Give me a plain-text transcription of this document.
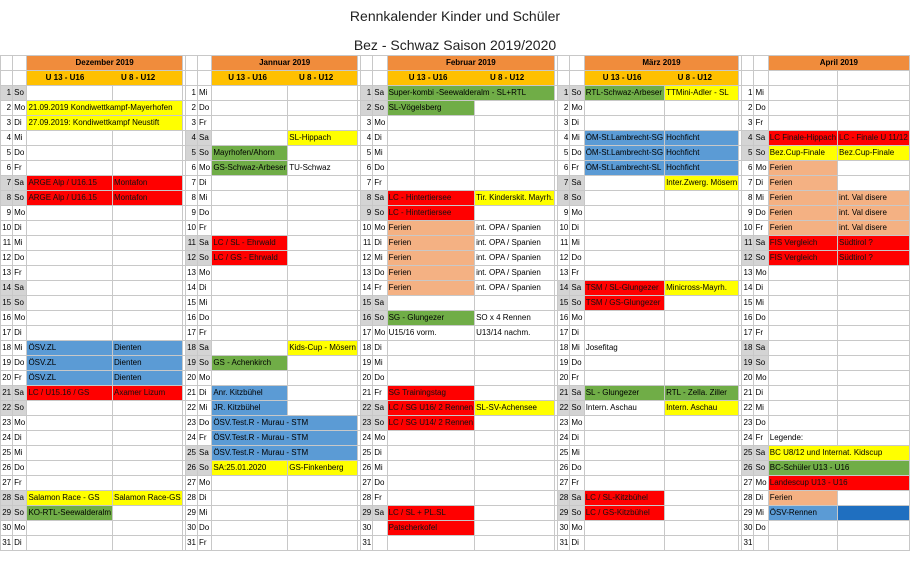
Rennkalender Kinder und Schüler
Bez - Schwaz Saison 2019/2020
		Dezember 2019					Jannuar 2019					Februar 2019					März 2019					April 2019	
		U 13 - U16 U 8 - U12					U 13 - U16 U 8 - U12					U 13 - U16 U 8 - U12					U 13 - U16 U 8 - U12						
1	So				1	Mi				1	Sa	Super-kombi -Seewalderalm - SL+RTL			1	So	RTL-Schwaz-Arbeser	TTMini-Adler - SL		1	Mi		
2	Mo	21.09.2019 Kondiwettkampf-Mayerhofen			2	Do				2	So	SL-Vögelsberg			2	Mo				2	Do		
3	Di	27.09.2019: Kondiwettkampf Neustift			3	Fr				3	Mo				3	Di				3	Fr		
4	Mi				4	Sa		SL-Hippach		4	Di				4	Mi	ÖM-St.Lambrecht-SG	Hochficht		4	Sa	LC Finale-Hippach	LC - Finale U 11/12
5	Do				5	So	Mayrhofen/Ahorn			5	Mi				5	Do	ÖM-St.Lambrecht-SG	Hochficht		5	So	Bez.Cup-Finale	Bez.Cup-Finale
6	Fr				6	Mo	GS-Schwaz-Arbeser	TU-Schwaz		6	Do				6	Fr	ÖM-St.Lambrecht-SL	Hochficht		6	Mo	Ferien	
7	Sa	ARGE Alp / U16.15	Montafon		7	Di				7	Fr				7	Sa		Inter.Zwerg. Mösern		7	Di	Ferien	
8	So	ARGE Alp / U16.15	Montafon		8	Mi				8	Sa	LC - Hintertiersee	Tir. Kinderskit. Mayrh.		8	So				8	Mi	Ferien	int. Val disere
9	Mo				9	Do				9	So	LC - Hintertiersee			9	Mo				9	Do	Ferien	int. Val disere
10	Di				10	Fr				10	Mo	Ferien	int. OPA / Spanien		10	Di				10	Fr	Ferien	int. Val disere
11	Mi				11	Sa	LC / SL - Ehrwald			11	Di	Ferien	int. OPA / Spanien		11	Mi				11	Sa	FIS Vergleich	Südtirol ?
12	Do				12	So	LC / GS - Ehrwald			12	Mi	Ferien	int. OPA / Spanien		12	Do				12	So	FIS Vergleich	Südtirol ?
13	Fr				13	Mo				13	Do	Ferien	int. OPA / Spanien		13	Fr				13	Mo		
14	Sa				14	Di				14	Fr	Ferien	int. OPA / Spanien		14	Sa	TSM / SL-Glungezer	Minicross-Mayrh.		14	Di		
15	So				15	Mi				15	Sa				15	So	TSM / GS-Glungezer			15	Mi		
16	Mo				16	Do				16	So	SG - Glungezer	SO x 4 Rennen		16	Mo				16	Do		
17	Di				17	Fr				17	Mo	U15/16 vorm.	U13/14 nachm.		17	Di				17	Fr		
18	Mi	ÖSV.ZL	Dienten		18	Sa		Kids-Cup - Mösern		18	Di				18	Mi	Josefitag			18	Sa		
19	Do	ÖSV.ZL	Dienten		19	So	GS - Achenkirch			19	Mi				19	Do				19	So		
20	Fr	ÖSV.ZL	Dienten		20	Mo				20	Do				20	Fr				20	Mo		
21	Sa	LC / U15.16 / GS	Axamer Lizum		21	Di	Anr. Kitzbühel			21	Fr	SG Trainingstag			21	Sa	SL - Glungezer	RTL - Zella. Ziller		21	Di		
22	So				22	Mi	JR. Kitzbühel			22	Sa	LC / SG U16/ 2 Rennen	SL-SV-Achensee		22	So	Intern. Aschau	Intern. Aschau		22	Mi		
23	Mo				23	Do	ÖSV.Test.R - Murau - STM			23	So	LC / SG U14/ 2 Rennen			23	Mo				23	Do		
24	Di				24	Fr	ÖSV.Test.R - Murau - STM			24	Mo				24	Di				24	Fr	Legende:	
25	Mi				25	Sa	ÖSV.Test.R - Murau - STM			25	Di				25	Mi				25	Sa	BC U8/12 und Internat. Kidscup	
26	Do				26	So	SA:25.01.2020	GS-Finkenberg		26	Mi				26	Do				26	So	BC-Schüler U13 - U16	
27	Fr				27	Mo				27	Do				27	Fr				27	Mo	Landescup U13 - U16	
28	Sa	Salamon Race - GS	Salamon Race-GS		28	Di				28	Fr				28	Sa	LC / SL-Kitzbühel			28	Di	Ferien	
29	So	KO-RTL-Seewalderalm			29	Mi				29	Sa	LC / SL + PL.SL			29	So	LC / GS-Kitzbühel			29	Mi	ÖSV-Rennen	
30	Mo				30	Do				30		Patscherkofel			30	Mo				30	Do		
31	Di				31	Fr				31					31	Di				31			
